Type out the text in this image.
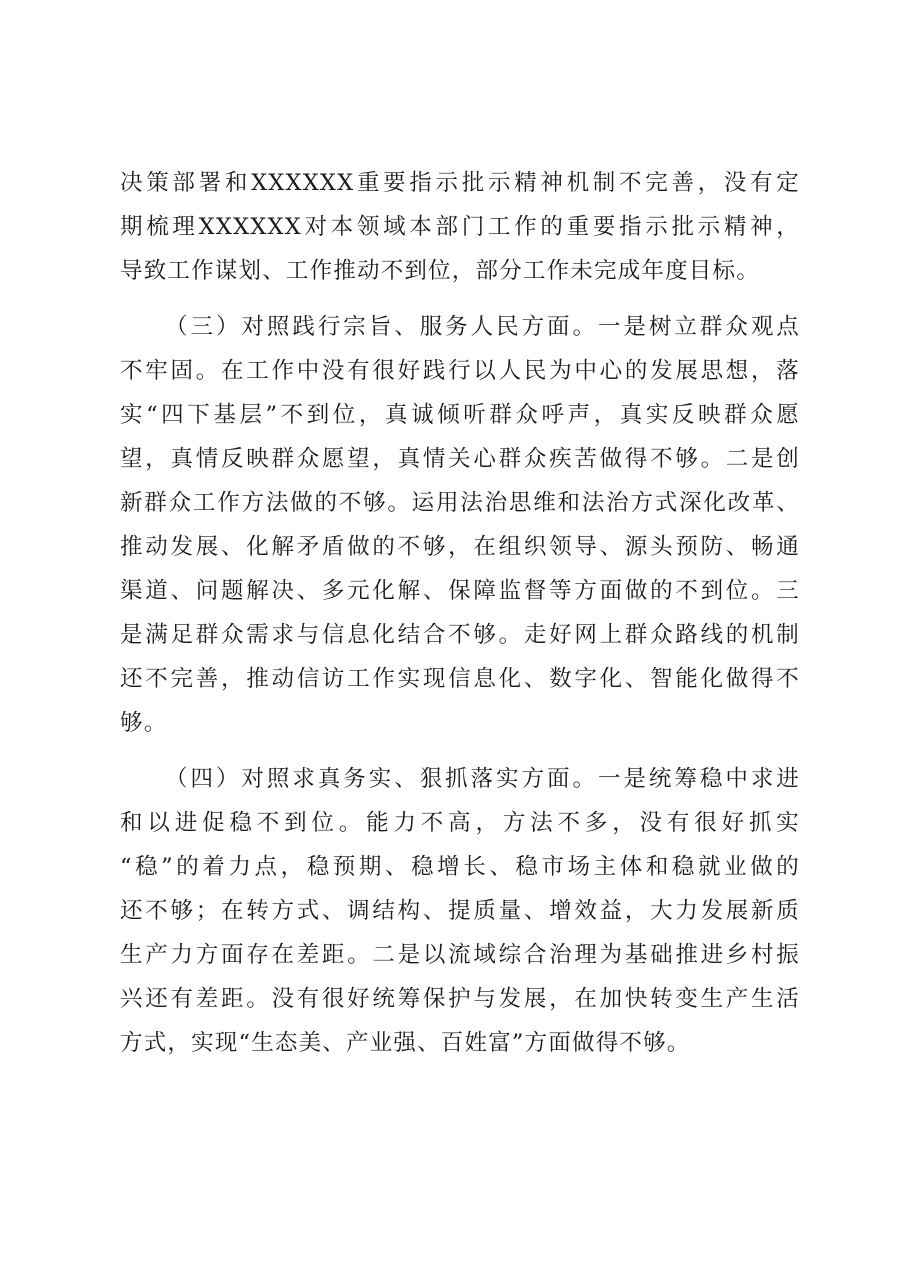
决策部署和XXXXXX重要指示批示精神机制不完善，没有定
期梳理XXXXXX对本领域本部门工作的重要指示批示精神，
导致工作谋划、工作推动不到位，部分工作未完成年度目标。
（三）对照践行宗旨、服务人民方面。一是树立群众观点
不牢固。在工作中没有很好践行以人民为中心的发展思想，落
实“四下基层”不到位，真诚倾听群众呼声，真实反映群众愿
望，真情反映群众愿望，真情关心群众疾苦做得不够。二是创
新群众工作方法做的不够。运用法治思维和法治方式深化改革、
推动发展、化解矛盾做的不够，在组织领导、源头预防、畅通
渠道、问题解决、多元化解、保障监督等方面做的不到位。三
是满足群众需求与信息化结合不够。走好网上群众路线的机制
还不完善，推动信访工作实现信息化、数字化、智能化做得不
够。
（四）对照求真务实、狠抓落实方面。一是统筹稳中求进
和以进促稳不到位。能力不高，方法不多，没有很好抓实
“稳”的着力点，稳预期、稳增长、稳市场主体和稳就业做的
还不够；在转方式、调结构、提质量、增效益，大力发展新质
生产力方面存在差距。二是以流域综合治理为基础推进乡村振
兴还有差距。没有很好统筹保护与发展，在加快转变生产生活
方式，实现“生态美、产业强、百姓富”方面做得不够。
